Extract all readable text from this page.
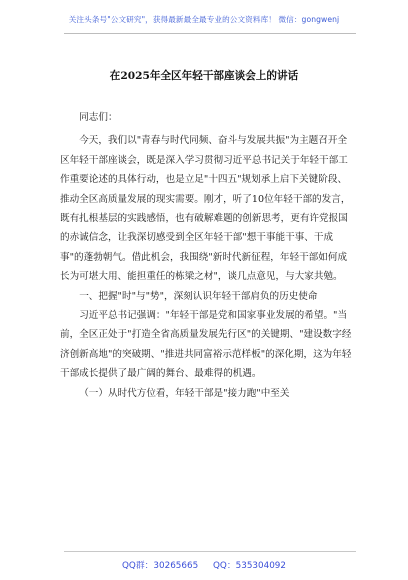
关注头条号"公文研究"，获得最新最全最专业的公文资料库！ 微信：gongwenj
在2025年全区年轻干部座谈会上的讲话

同志们：

今天，我们以"青春与时代同频、奋斗与发展共振"为主题召开全区年轻干部座谈会，既是深入学习贯彻习近平总书记关于年轻干部工作重要论述的具体行动，也是立足"十四五"规划承上启下关键阶段、推动全区高质量发展的现实需要。刚才，听了10位年轻干部的发言，既有扎根基层的实践感悟，也有破解难题的创新思考，更有许党报国的赤诚信念，让我深切感受到全区年轻干部"想干事能干事、干成事"的蓬勃朝气。借此机会，我围绕"新时代新征程，年轻干部如何成长为可堪大用、能担重任的栋梁之材"，谈几点意见，与大家共勉。

一、把握"时"与"势"，深刻认识年轻干部肩负的历史使命

习近平总书记强调："年轻干部是党和国家事业发展的希望。"当前，全区正处于"打造全省高质量发展先行区"的关键期、"建设数字经济创新高地"的突破期、"推进共同富裕示范样板"的深化期，这为年轻干部成长提供了最广阔的舞台、最难得的机遇。

（一）从时代方位看，年轻干部是"接力跑"中至关

QQ群：30265665 QQ：535304092
